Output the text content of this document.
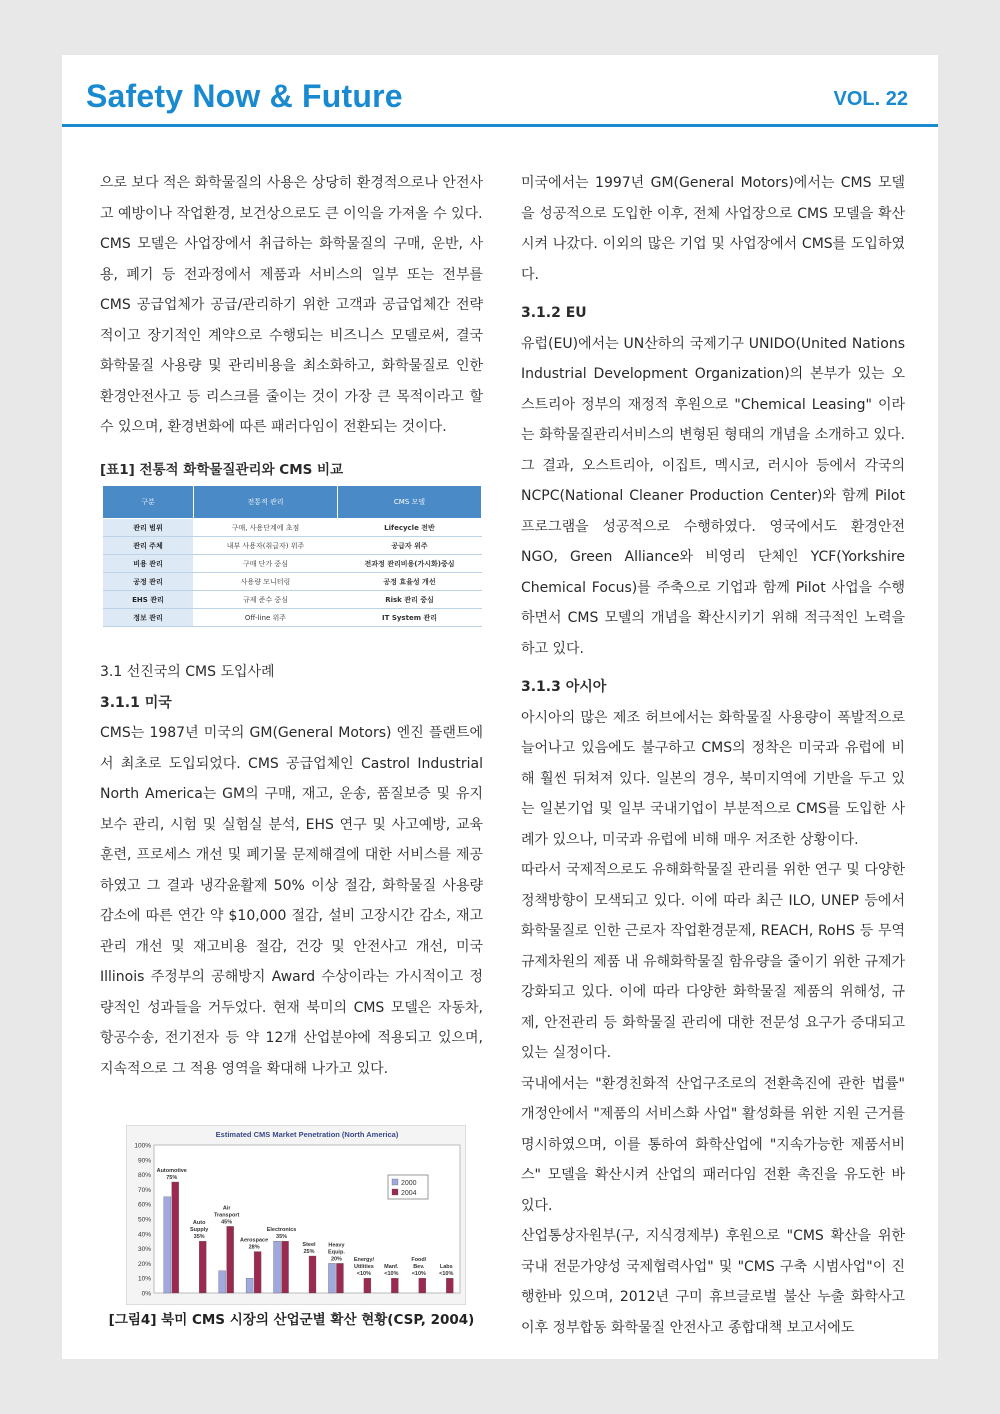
Safety Now & Future	VOL. 22

으로 보다 적은 화학물질의 사용은 상당히 환경적으로나 안전사고 예방이나 작업환경, 보건상으로도 큰 이익을 가져올 수 있다.

CMS 모델은 사업장에서 취급하는 화학물질의 구매, 운반, 사용, 폐기 등 전과정에서 제품과 서비스의 일부 또는 전부를 CMS 공급업체가 공급/관리하기 위한 고객과 공급업체간 전략적이고 장기적인 계약으로 수행되는 비즈니스 모델로써, 결국 화학물질 사용량 및 관리비용을 최소화하고, 화학물질로 인한 환경안전사고 등 리스크를 줄이는 것이 가장 큰 목적이라고 할 수 있으며, 환경변화에 따른 패러다임이 전환되는 것이다.

[표1] 전통적 화학물질관리와 CMS 비교

구분	전통적 관리	CMS 모델
관리 범위	구매, 사용단계에 초점	Lifecycle 전반
관리 주체	내부 사용자(취급자) 위주	공급자 위주
비용 관리	구매 단가 중심	전과정 관리비용(가시화)중심
공정 관리	사용량 모니터링	공정 효율성 개선
EHS 관리	규제 준수 중심	Risk 관리 중심
정보 관리	Off-line 위주	IT System 관리

3.1 선진국의 CMS 도입사례

3.1.1 미국

CMS는 1987년 미국의 GM(General Motors) 엔진 플랜트에서 최초로 도입되었다. CMS 공급업체인 Castrol Industrial North America는 GM의 구매, 재고, 운송, 품질보증 및 유지보수 관리, 시험 및 실험실 분석, EHS 연구 및 사고예방, 교육훈련, 프로세스 개선 및 폐기물 문제해결에 대한 서비스를 제공하였고 그 결과 냉각윤활제 50% 이상 절감, 화학물질 사용량 감소에 따른 연간 약 $10,000 절감, 설비 고장시간 감소, 재고관리 개선 및 재고비용 절감, 건강 및 안전사고 개선, 미국 Illinois 주정부의 공해방지 Award 수상이라는 가시적이고 정량적인 성과들을 거두었다. 현재 북미의 CMS 모델은 자동차, 항공수송, 전기전자 등 약 12개 산업분야에 적용되고 있으며, 지속적으로 그 적용 영역을 확대해 나가고 있다.

Estimated CMS Market Penetration (North America)
0%
10%
20%
30%
40%
50%
60%
70%
80%
90%
100%
Automotive
75%
Auto
Supply
35%
Air
Transport
45%
Aerospace
28%
Electronics
35%
Steel
25%
Heavy
Equip.
20% Energy/
Utilities
<10%
Manf.
<10%
Food/
Bev.
<10%
Labs
<10%
2000
2004
[그림4] 북미 CMS 시장의 산업군별 확산 현황(CSP, 2004)

미국에서는 1997년 GM(General Motors)에서는 CMS 모델을 성공적으로 도입한 이후, 전체 사업장으로 CMS 모델을 확산시켜 나갔다. 이외의 많은 기업 및 사업장에서 CMS를 도입하였다.

3.1.2 EU

유럽(EU)에서는 UN산하의 국제기구 UNIDO(United Nations Industrial Development Organization)의 본부가 있는 오스트리아 정부의 재정적 후원으로 "Chemical Leasing" 이라는 화학물질관리서비스의 변형된 형태의 개념을 소개하고 있다. 그 결과, 오스트리아, 이집트, 멕시코, 러시아 등에서 각국의 NCPC(National Cleaner Production Center)와 함께 Pilot 프로그램을 성공적으로 수행하였다. 영국에서도 환경안전 NGO, Green Alliance와 비영리 단체인 YCF(Yorkshire Chemical Focus)를 주축으로 기업과 함께 Pilot 사업을 수행하면서 CMS 모델의 개념을 확산시키기 위해 적극적인 노력을 하고 있다.

3.1.3 아시아

아시아의 많은 제조 허브에서는 화학물질 사용량이 폭발적으로 늘어나고 있음에도 불구하고 CMS의 정착은 미국과 유럽에 비해 훨씬 뒤쳐져 있다. 일본의 경우, 북미지역에 기반을 두고 있는 일본기업 및 일부 국내기업이 부분적으로 CMS를 도입한 사례가 있으나, 미국과 유럽에 비해 매우 저조한 상황이다.

따라서 국제적으로도 유해화학물질 관리를 위한 연구 및 다양한 정책방향이 모색되고 있다. 이에 따라 최근 ILO, UNEP 등에서 화학물질로 인한 근로자 작업환경문제, REACH, RoHS 등 무역규제차원의 제품 내 유해화학물질 함유량을 줄이기 위한 규제가 강화되고 있다. 이에 따라 다양한 화학물질 제품의 위해성, 규제, 안전관리 등 화학물질 관리에 대한 전문성 요구가 증대되고 있는 실정이다.

국내에서는 "환경친화적 산업구조로의 전환촉진에 관한 법률" 개정안에서 "제품의 서비스화 사업" 활성화를 위한 지원 근거를 명시하였으며, 이를 통하여 화학산업에 "지속가능한 제품서비스" 모델을 확산시켜 산업의 패러다임 전환 촉진을 유도한 바 있다.

산업통상자원부(구, 지식경제부) 후원으로 "CMS 확산을 위한 국내 전문가양성 국제협력사업" 및 "CMS 구축 시범사업"이 진행한바 있으며, 2012년 구미 휴브글로벌 불산 누출 화학사고 이후 정부합동 화학물질 안전사고 종합대책 보고서에도
